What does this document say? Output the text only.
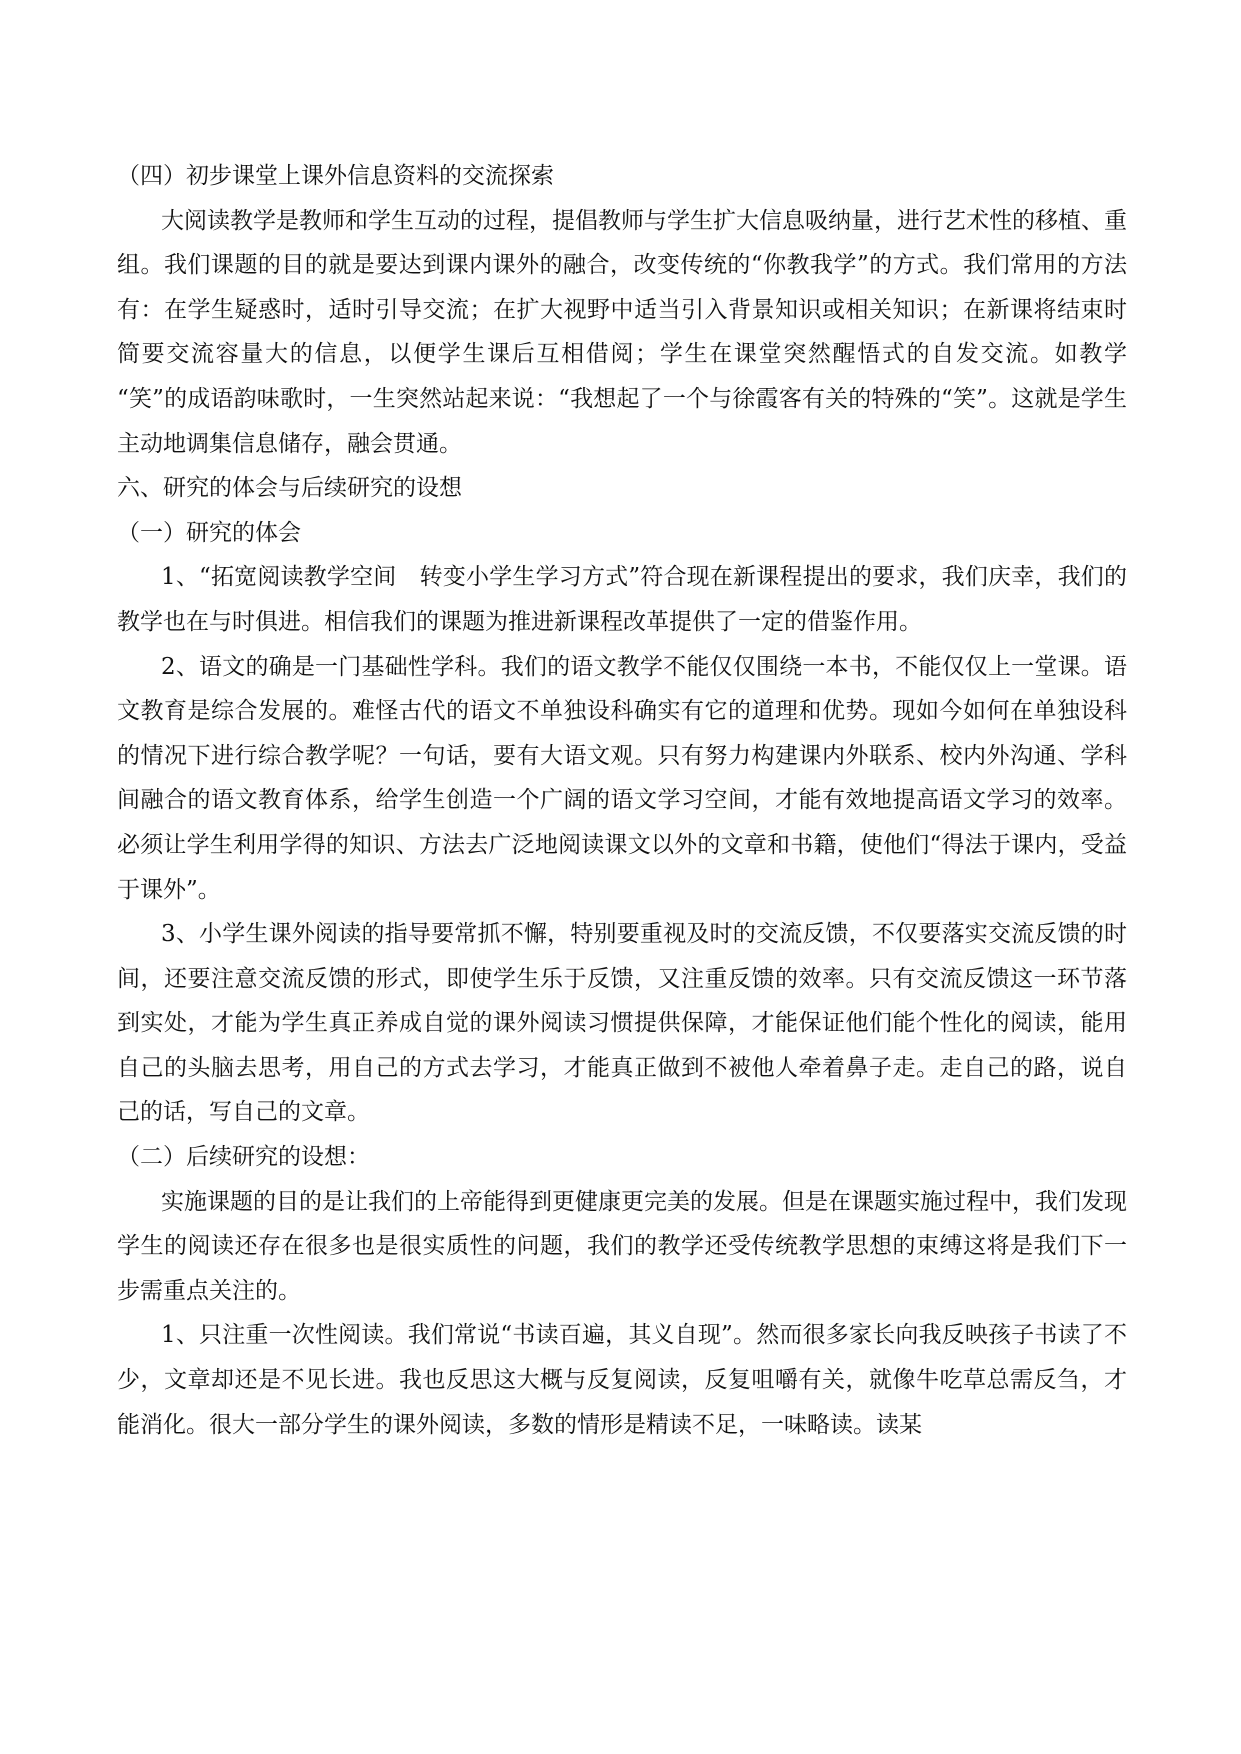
（四）初步课堂上课外信息资料的交流探索

大阅读教学是教师和学生互动的过程，提倡教师与学生扩大信息吸纳量，进行艺术性的移植、重组。我们课题的目的就是要达到课内课外的融合，改变传统的“你教我学”的方式。我们常用的方法有：在学生疑惑时，适时引导交流；在扩大视野中适当引入背景知识或相关知识；在新课将结束时简要交流容量大的信息，以便学生课后互相借阅；学生在课堂突然醒悟式的自发交流。如教学 “笑”的成语韵味歌时，一生突然站起来说：“我想起了一个与徐霞客有关的特殊的“笑”。这就是学生主动地调集信息储存，融会贯通。

六、研究的体会与后续研究的设想

（一）研究的体会

1、“拓宽阅读教学空间　转变小学生学习方式”符合现在新课程提出的要求，我们庆幸，我们的教学也在与时俱进。相信我们的课题为推进新课程改革提供了一定的借鉴作用。

2、语文的确是一门基础性学科。我们的语文教学不能仅仅围绕一本书，不能仅仅上一堂课。语文教育是综合发展的。难怪古代的语文不单独设科确实有它的道理和优势。现如今如何在单独设科的情况下进行综合教学呢？一句话，要有大语文观。只有努力构建课内外联系、校内外沟通、学科间融合的语文教育体系，给学生创造一个广阔的语文学习空间，才能有效地提高语文学习的效率。必须让学生利用学得的知识、方法去广泛地阅读课文以外的文章和书籍，使他们“得法于课内，受益于课外”。

3、小学生课外阅读的指导要常抓不懈，特别要重视及时的交流反馈，不仅要落实交流反馈的时间，还要注意交流反馈的形式，即使学生乐于反馈，又注重反馈的效率。只有交流反馈这一环节落到实处，才能为学生真正养成自觉的课外阅读习惯提供保障，才能保证他们能个性化的阅读，能用自己的头脑去思考，用自己的方式去学习，才能真正做到不被他人牵着鼻子走。走自己的路，说自己的话，写自己的文章。

（二）后续研究的设想：

实施课题的目的是让我们的上帝能得到更健康更完美的发展。但是在课题实施过程中，我们发现学生的阅读还存在很多也是很实质性的问题，我们的教学还受传统教学思想的束缚这将是我们下一步需重点关注的。

1、只注重一次性阅读。我们常说“书读百遍，其义自现”。然而很多家长向我反映孩子书读了不少，文章却还是不见长进。我也反思这大概与反复阅读，反复咀嚼有关，就像牛吃草总需反刍，才能消化。很大一部分学生的课外阅读，多数的情形是精读不足，一味略读。读某
